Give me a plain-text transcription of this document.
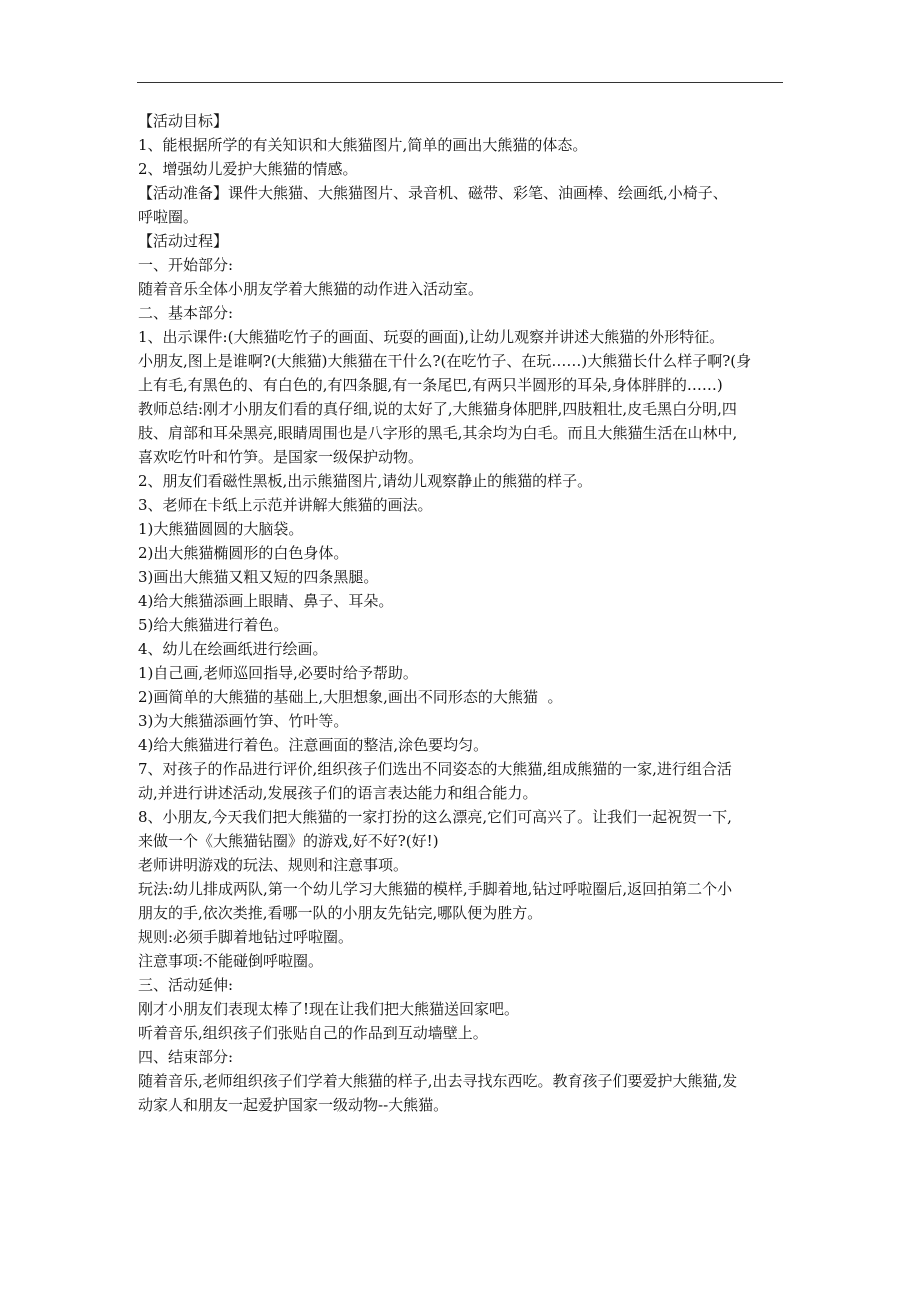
【活动目标】

1、能根据所学的有关知识和大熊猫图片,简单的画出大熊猫的体态。

2、增强幼儿爱护大熊猫的情感。

【活动准备】课件大熊猫、大熊猫图片、录音机、磁带、彩笔、油画棒、绘画纸,小椅子、

呼啦圈。

【活动过程】

一、开始部分:

随着音乐全体小朋友学着大熊猫的动作进入活动室。

二、基本部分:

1、出示课件:(大熊猫吃竹子的画面、玩耍的画面),让幼儿观察并讲述大熊猫的外形特征。

小朋友,图上是谁啊?(大熊猫)大熊猫在干什么?(在吃竹子、在玩……)大熊猫长什么样子啊?(身

上有毛,有黑色的、有白色的,有四条腿,有一条尾巴,有两只半圆形的耳朵,身体胖胖的……)

教师总结:刚才小朋友们看的真仔细,说的太好了,大熊猫身体肥胖,四肢粗壮,皮毛黑白分明,四

肢、肩部和耳朵黑亮,眼睛周围也是八字形的黑毛,其余均为白毛。而且大熊猫生活在山林中,

喜欢吃竹叶和竹笋。是国家一级保护动物。

2、朋友们看磁性黑板,出示熊猫图片,请幼儿观察静止的熊猫的样子。

3、老师在卡纸上示范并讲解大熊猫的画法。

1)大熊猫圆圆的大脑袋。

2)出大熊猫椭圆形的白色身体。

3)画出大熊猫又粗又短的四条黑腿。

4)给大熊猫添画上眼睛、鼻子、耳朵。

5)给大熊猫进行着色。

4、幼儿在绘画纸进行绘画。

1)自己画,老师巡回指导,必要时给予帮助。

2)画简单的大熊猫的基础上,大胆想象,画出不同形态的大熊猫  。

3)为大熊猫添画竹笋、竹叶等。

4)给大熊猫进行着色。注意画面的整洁,涂色要均匀。

7、对孩子的作品进行评价,组织孩子们选出不同姿态的大熊猫,组成熊猫的一家,进行组合活

动,并进行讲述活动,发展孩子们的语言表达能力和组合能力。

8、小朋友,今天我们把大熊猫的一家打扮的这么漂亮,它们可高兴了。让我们一起祝贺一下,

来做一个《大熊猫钻圈》的游戏,好不好?(好!)

老师讲明游戏的玩法、规则和注意事项。

玩法:幼儿排成两队,第一个幼儿学习大熊猫的模样,手脚着地,钻过呼啦圈后,返回拍第二个小

朋友的手,依次类推,看哪一队的小朋友先钻完,哪队便为胜方。

规则:必须手脚着地钻过呼啦圈。

注意事项:不能碰倒呼啦圈。

三、活动延伸:

刚才小朋友们表现太棒了!现在让我们把大熊猫送回家吧。

听着音乐,组织孩子们张贴自己的作品到互动墙壁上。

四、结束部分:

随着音乐,老师组织孩子们学着大熊猫的样子,出去寻找东西吃。教育孩子们要爱护大熊猫,发

动家人和朋友一起爱护国家一级动物--大熊猫。
